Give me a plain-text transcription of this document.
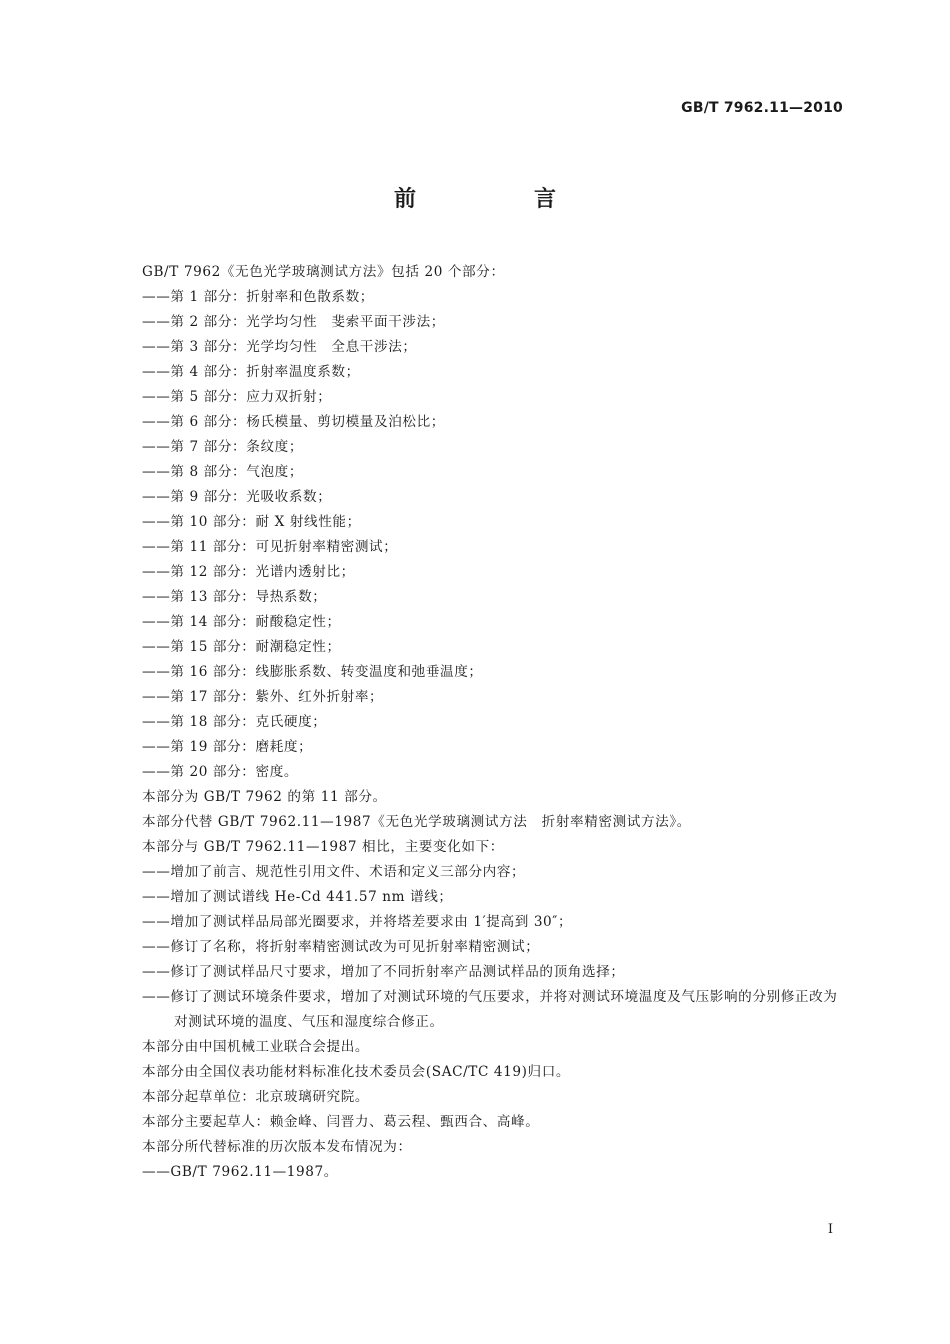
GB/T 7962.11—2010
前　言
GB/T 7962《无色光学玻璃测试方法》包括 20 个部分：
——第 1 部分：折射率和色散系数；
——第 2 部分：光学均匀性　斐索平面干涉法；
——第 3 部分：光学均匀性　全息干涉法；
——第 4 部分：折射率温度系数；
——第 5 部分：应力双折射；
——第 6 部分：杨氏模量、剪切模量及泊松比；
——第 7 部分：条纹度；
——第 8 部分：气泡度；
——第 9 部分：光吸收系数；
——第 10 部分：耐 X 射线性能；
——第 11 部分：可见折射率精密测试；
——第 12 部分：光谱内透射比；
——第 13 部分：导热系数；
——第 14 部分：耐酸稳定性；
——第 15 部分：耐潮稳定性；
——第 16 部分：线膨胀系数、转变温度和弛垂温度；
——第 17 部分：紫外、红外折射率；
——第 18 部分：克氏硬度；
——第 19 部分：磨耗度；
——第 20 部分：密度。
本部分为 GB/T 7962 的第 11 部分。
本部分代替 GB/T 7962.11—1987《无色光学玻璃测试方法　折射率精密测试方法》。
本部分与 GB/T 7962.11—1987 相比，主要变化如下：
——增加了前言、规范性引用文件、术语和定义三部分内容；
——增加了测试谱线 He-Cd 441.57 nm 谱线；
——增加了测试样品局部光圈要求，并将塔差要求由 1′提高到 30″；
——修订了名称，将折射率精密测试改为可见折射率精密测试；
——修订了测试样品尺寸要求，增加了不同折射率产品测试样品的顶角选择；
——修订了测试环境条件要求，增加了对测试环境的气压要求，并将对测试环境温度及气压影响的分别修正改为对测试环境的温度、气压和湿度综合修正。
本部分由中国机械工业联合会提出。
本部分由全国仪表功能材料标准化技术委员会(SAC/TC 419)归口。
本部分起草单位：北京玻璃研究院。
本部分主要起草人：赖金峰、闫晋力、葛云程、甄西合、高峰。
本部分所代替标准的历次版本发布情况为：
——GB/T 7962.11—1987。
I
